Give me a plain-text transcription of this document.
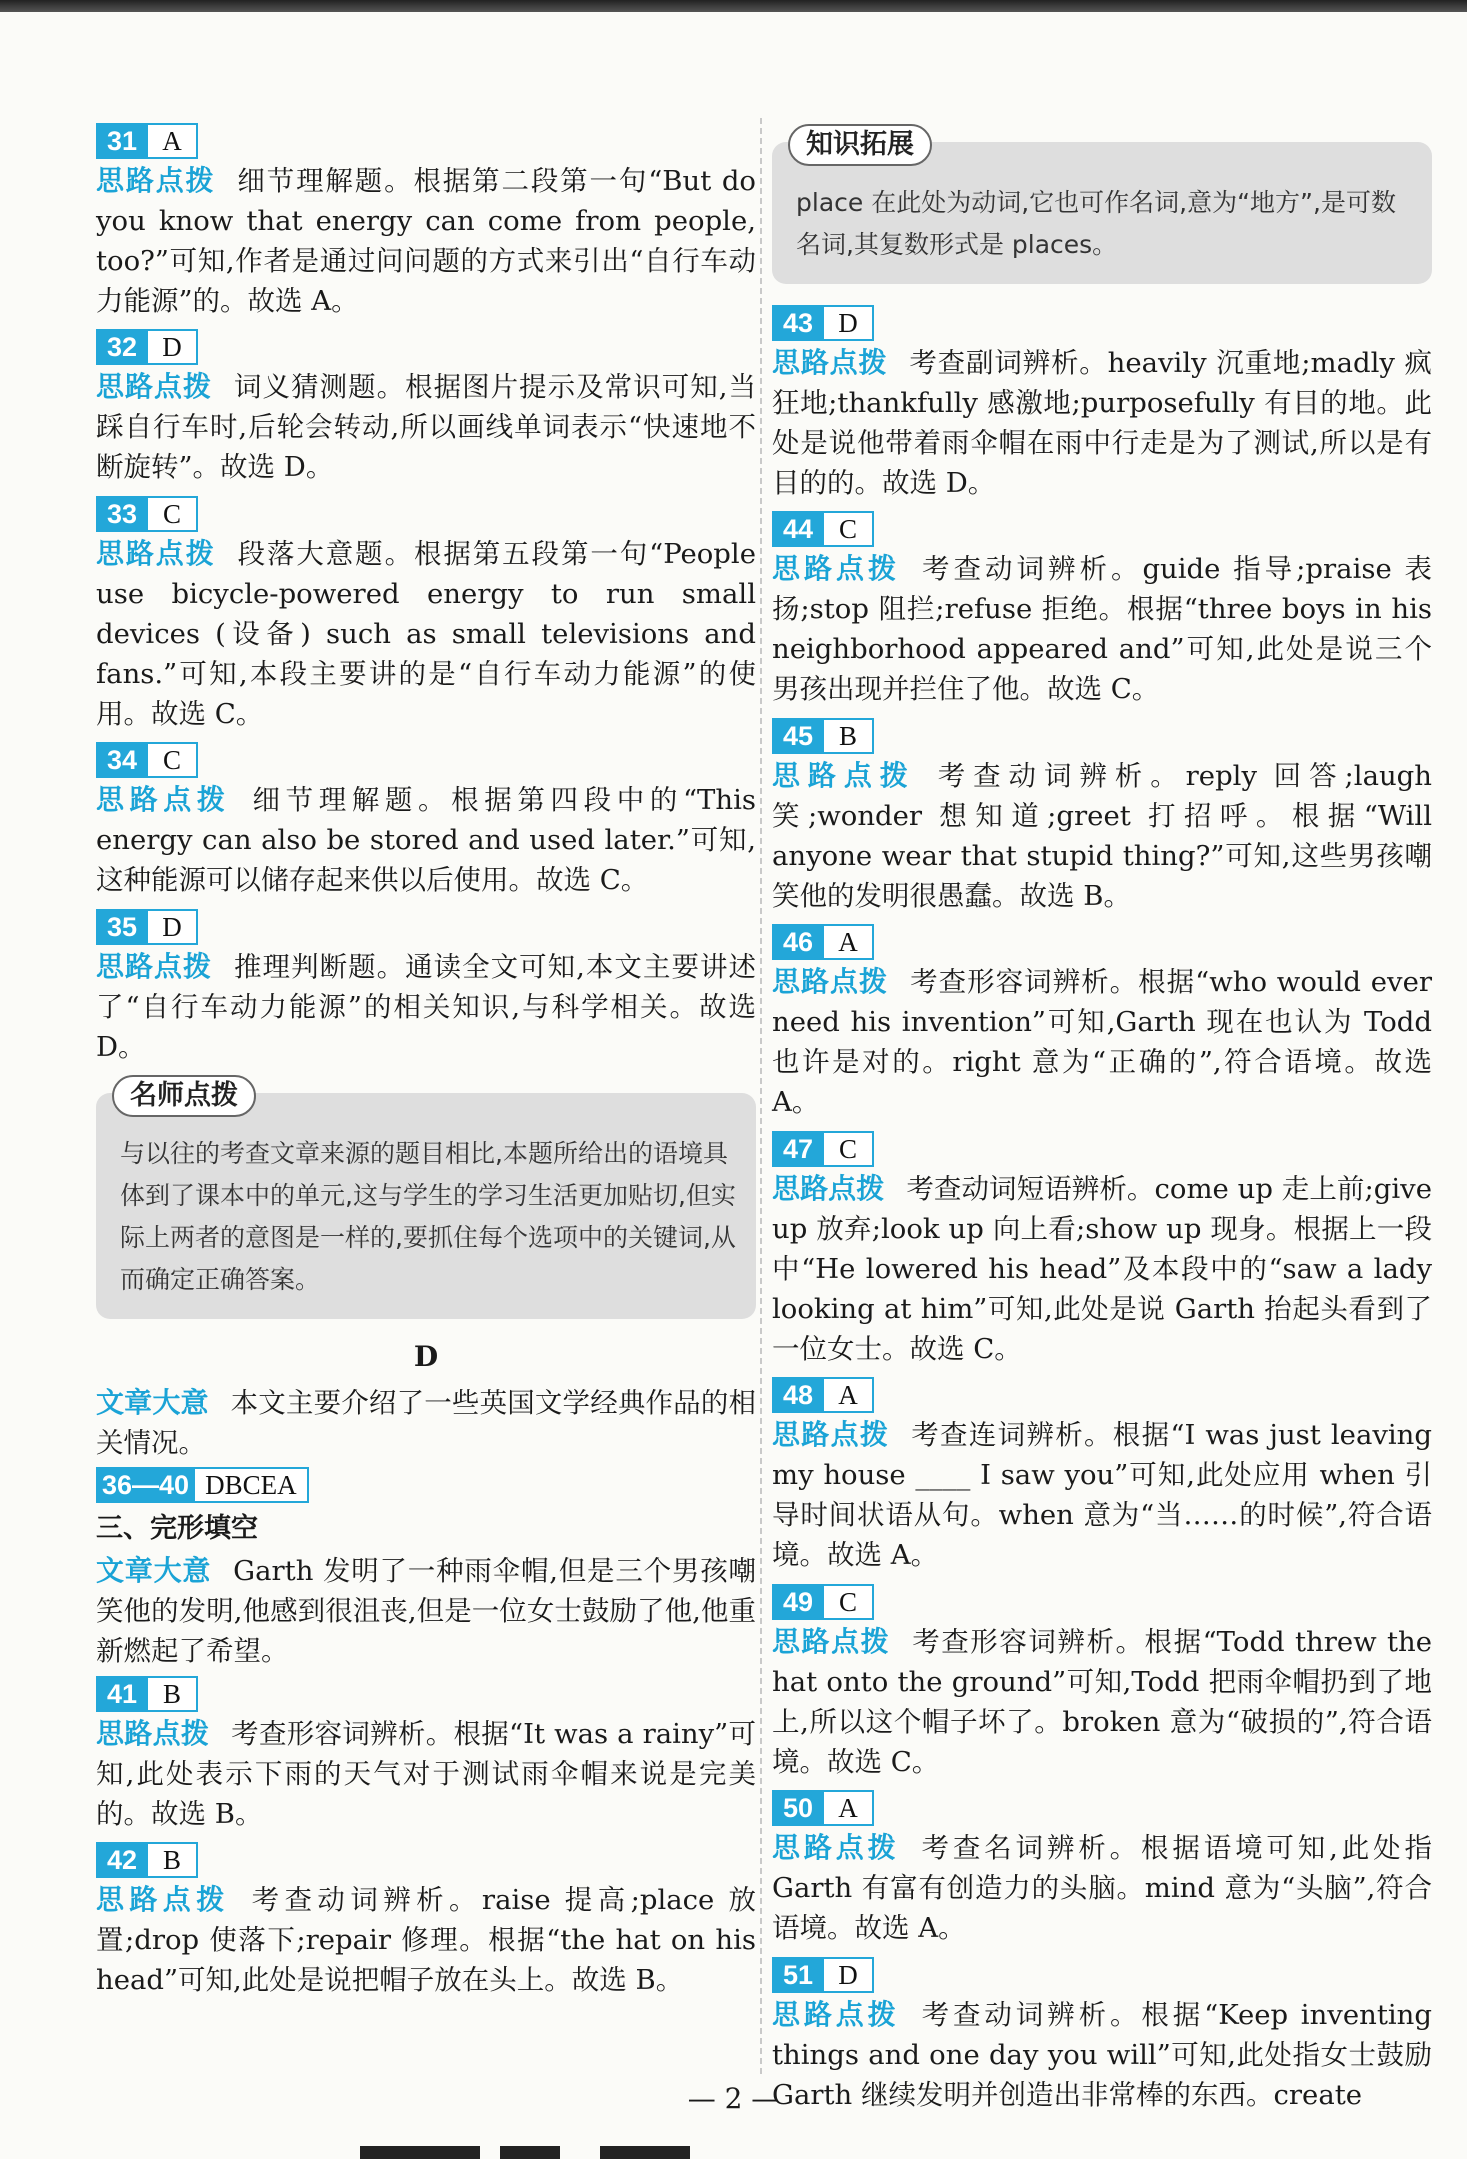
31 A

思路点拨 细节理解题。根据第二段第一句“But do you know that energy can come from people, too?”可知,作者是通过问问题的方式来引出“自行车动力能源”的。故选 A。

32 D

思路点拨 词义猜测题。根据图片提示及常识可知,当踩自行车时,后轮会转动,所以画线单词表示“快速地不断旋转”。故选 D。

33 C

思路点拨 段落大意题。根据第五段第一句“People use bicycle-powered energy to run small devices (设备) such as small televisions and fans.”可知,本段主要讲的是“自行车动力能源”的使用。故选 C。

34 C

思路点拨 细节理解题。根据第四段中的“This energy can also be stored and used later.”可知,这种能源可以储存起来供以后使用。故选 C。

35 D

思路点拨 推理判断题。通读全文可知,本文主要讲述了“自行车动力能源”的相关知识,与科学相关。故选 D。

名师点拨
与以往的考查文章来源的题目相比,本题所给出的语境具体到了课本中的单元,这与学生的学习生活更加贴切,但实际上两者的意图是一样的,要抓住每个选项中的关键词,从而确定正确答案。
D

文章大意 本文主要介绍了一些英国文学经典作品的相关情况。

36—40 DBCEA
三、完形填空

文章大意 Garth 发明了一种雨伞帽,但是三个男孩嘲笑他的发明,他感到很沮丧,但是一位女士鼓励了他,他重新燃起了希望。

41 B

思路点拨 考查形容词辨析。根据“It was a rainy”可知,此处表示下雨的天气对于测试雨伞帽来说是完美的。故选 B。

42 B

思路点拨 考查动词辨析。raise 提高;place 放置;drop 使落下;repair 修理。根据“the hat on his head”可知,此处是说把帽子放在头上。故选 B。

知识拓展
place 在此处为动词,它也可作名词,意为“地方”,是可数名词,其复数形式是 places。
43 D

思路点拨 考查副词辨析。heavily 沉重地;madly 疯狂地;thankfully 感激地;purposefully 有目的地。此处是说他带着雨伞帽在雨中行走是为了测试,所以是有目的的。故选 D。

44 C

思路点拨 考查动词辨析。guide 指导;praise 表扬;stop 阻拦;refuse 拒绝。根据“three boys in his neighborhood appeared and”可知,此处是说三个男孩出现并拦住了他。故选 C。

45 B

思路点拨 考查动词辨析。reply 回答;laugh 笑;wonder 想知道;greet 打招呼。根据“Will anyone wear that stupid thing?”可知,这些男孩嘲笑他的发明很愚蠢。故选 B。

46 A

思路点拨 考查形容词辨析。根据“who would ever need his invention”可知,Garth 现在也认为 Todd 也许是对的。right 意为“正确的”,符合语境。故选 A。

47 C

思路点拨 考查动词短语辨析。come up 走上前;give up 放弃;look up 向上看;show up 现身。根据上一段中“He lowered his head”及本段中的“saw a lady looking at him”可知,此处是说 Garth 抬起头看到了一位女士。故选 C。

48 A

思路点拨 考查连词辨析。根据“I was just leaving my house ____ I saw you”可知,此处应用 when 引导时间状语从句。when 意为“当……的时候”,符合语境。故选 A。

49 C

思路点拨 考查形容词辨析。根据“Todd threw the hat onto the ground”可知,Todd 把雨伞帽扔到了地上,所以这个帽子坏了。broken 意为“破损的”,符合语境。故选 C。

50 A

思路点拨 考查名词辨析。根据语境可知,此处指 Garth 有富有创造力的头脑。mind 意为“头脑”,符合语境。故选 A。

51 D

思路点拨 考查动词辨析。根据“Keep inventing things and one day you will”可知,此处指女士鼓励 Garth 继续发明并创造出非常棒的东西。create

— 2 —
